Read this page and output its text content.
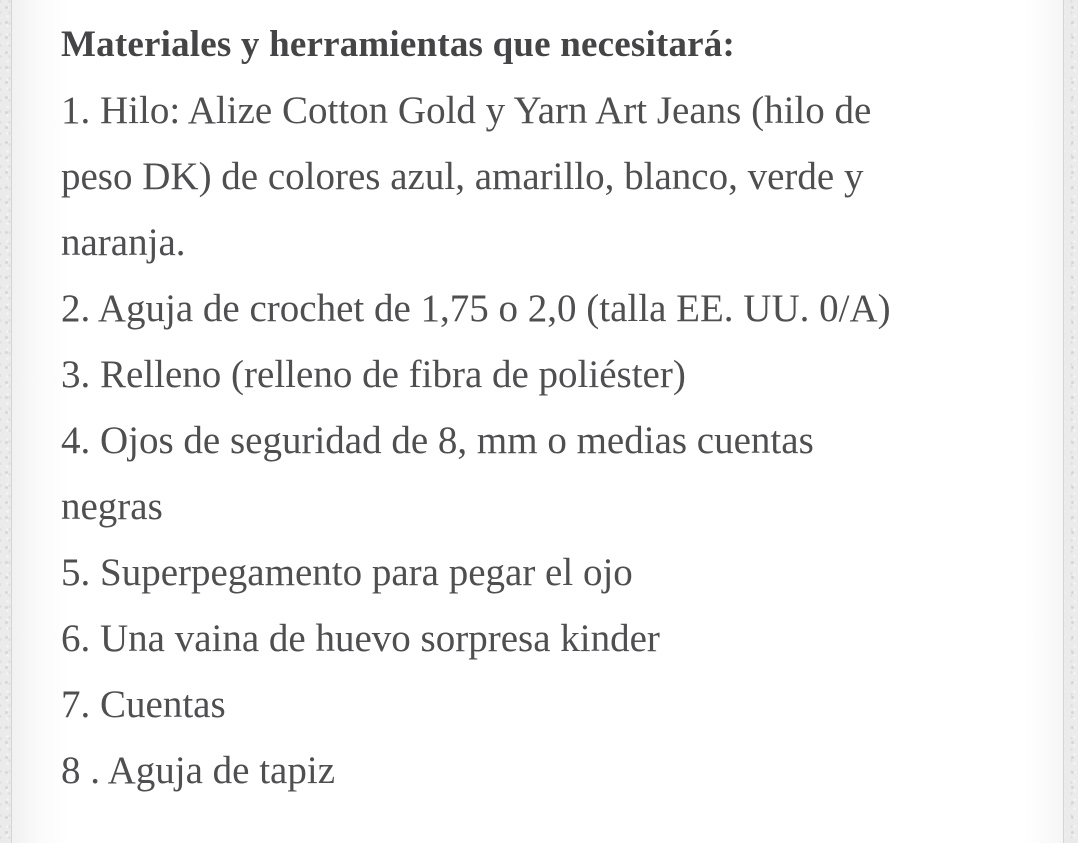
Materiales y herramientas que necesitará:
1. Hilo: Alize Cotton Gold y Yarn Art Jeans (hilo de
peso DK) de colores azul, amarillo, blanco, verde y
naranja.
2. Aguja de crochet de 1,75 o 2,0 (talla EE. UU. 0/A)
3. Relleno (relleno de fibra de poliéster)
4. Ojos de seguridad de 8, mm o medias cuentas
negras
5. Superpegamento para pegar el ojo
6. Una vaina de huevo sorpresa kinder
7. Cuentas
8 . Aguja de tapiz
